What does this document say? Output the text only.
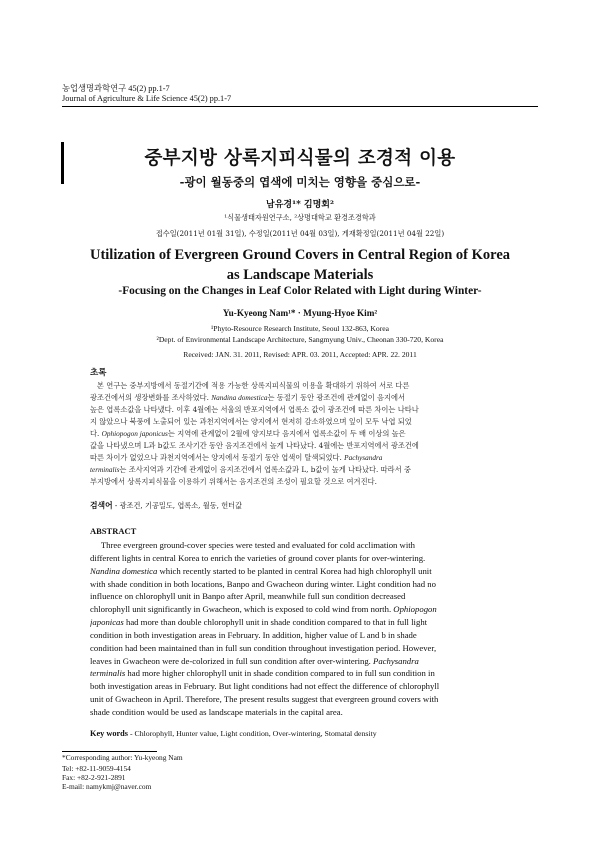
농업생명과학연구 45(2) pp.1-7
Journal of Agriculture & Life Science 45(2) pp.1-7
중부지방 상록지피식물의 조경적 이용
-광이 월동중의 엽색에 미치는 영향을 중심으로-
남유경¹* 김명회²
¹식물생태자원연구소, ²상명대학교 환경조경학과
접수일(2011년 01월 31일), 수정일(2011년 04월 03일), 게재확정일(2011년 04월 22일)
Utilization of Evergreen Ground Covers in Central Region of Korea
as Landscape Materials
-Focusing on the Changes in Leaf Color Related with Light during Winter-
Yu-Kyeong Nam¹* · Myung-Hyoe Kim²
¹Phyto-Resource Research Institute, Seoul 132-863, Korea
²Dept. of Environmental Landscape Architecture, Sangmyung Univ., Cheonan 330-720, Korea
Received: JAN. 31. 2011, Revised: APR. 03. 2011, Accepted: APR. 22. 2011
초록
본 연구는 중부지방에서 동절기간에 적용 가능한 상록지피식물의 이용을 확대하기 위하여 서로 다른
광조건에서의 생장변화를 조사하였다. Nandina domestica는 동절기 동안 광조건에 관계없이 음지에서
높은 엽록소값을 나타냈다. 이후 4월에는 서울의 반포지역에서 엽록소 값이 광조건에 따른 차이는 나타나
지 않았으나 북풍에 노출되어 있는 과천지역에서는 양지에서 현저히 감소하였으며 잎이 모두 낙엽 되었
다. Ophiopogon japonicus는 지역에 관계없이 2월에 양지보다 음지에서 엽록소값이 두 배 이상의 높은
값을 나타냈으며 L과 b값도 조사기간 동안 음지조건에서 높게 나타났다. 4월에는 반포지역에서 광조건에
따른 차이가 없었으나 과천지역에서는 양지에서 동절기 동안 엽색이 탈색되었다. Pachysandra
terminalis는 조사지역과 기간에 관계없이 음지조건에서 엽록소값과 L, b값이 높게 나타났다. 따라서 중
부지방에서 상록지피식물을 이용하기 위해서는 음지조건의 조성이 필요할 것으로 여겨진다.
검색어 - 광조건, 기공밀도, 엽록소, 월동, 헌터값
ABSTRACT
Three evergreen ground-cover species were tested and evaluated for cold acclimation with
different lights in central Korea to enrich the varieties of ground cover plants for over-wintering.
Nandina domestica which recently started to be planted in central Korea had high chlorophyll unit
with shade condition in both locations, Banpo and Gwacheon during winter. Light condition had no
influence on chlorophyll unit in Banpo after April, meanwhile full sun condition decreased
chlorophyll unit significantly in Gwacheon, which is exposed to cold wind from north. Ophiopogon
japonicas had more than double chlorophyll unit in shade condition compared to that in full light
condition in both investigation areas in February. In addition, higher value of L and b in shade
condition had been maintained than in full sun condition throughout investigation period. However,
leaves in Gwacheon were de-colorized in full sun condition after over-wintering. Pachysandra
terminalis had more higher chlorophyll unit in shade condition compared to in full sun condition in
both investigation areas in February. But light conditions had not effect the difference of chlorophyll
unit of Gwacheon in April. Therefore, The present results suggest that evergreen ground covers with
shade condition would be used as landscape materials in the capital area.
Key words - Chlorophyll, Hunter value, Light condition, Over-wintering, Stomatal density
*Corresponding author: Yu-kyeong Nam
Tel: +82-11-9059-4154
Fax: +82-2-921-2891
E-mail: namykmj@naver.com
